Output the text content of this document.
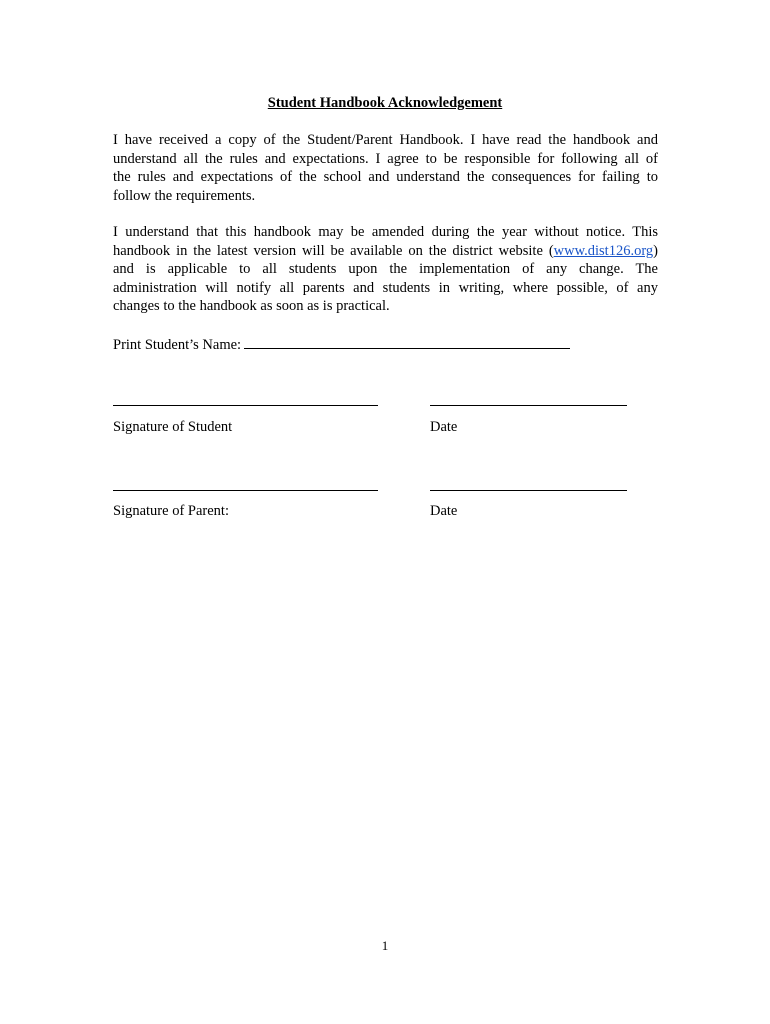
Student Handbook Acknowledgement
I have received a copy of the Student/Parent Handbook. I have read the handbook and
understand all the rules and expectations. I agree to be responsible for following all of
the rules and expectations of the school and understand the consequences for failing to
follow the requirements.
I understand that this handbook may be amended during the year without notice. This
handbook in the latest version will be available on the district website (www.dist126.org)
and is applicable to all students upon the implementation of any change. The
administration will notify all parents and students in writing, where possible, of any
changes to the handbook as soon as is practical.
Print Student’s Name:
Signature of Student	Date
Signature of Parent:	Date
1
